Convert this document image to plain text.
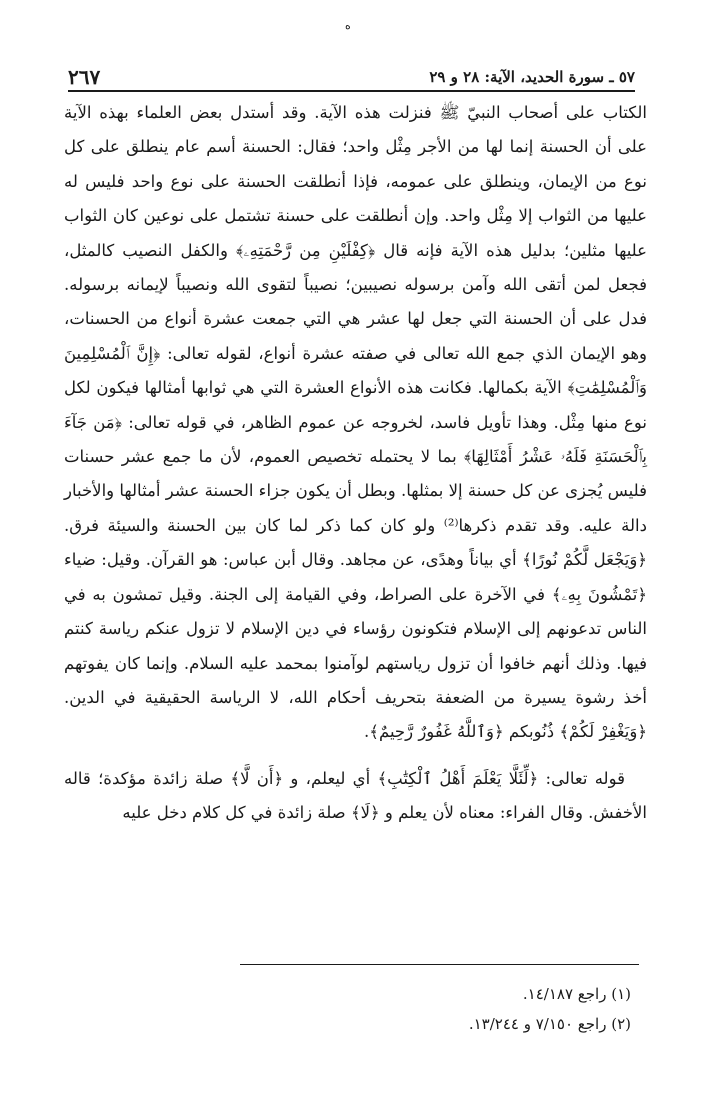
ه
٥٧ ـ سورة الحديد، الآية: ٢٨ و ٢٩
٢٦٧

الكتاب على أصحاب النبيّ ﷺ فنزلت هذه الآية. وقد أستدل بعض العلماء بهذه الآية على أن الحسنة إنما لها من الأجر مِثْل واحد؛ فقال: الحسنة أسم عام ينطلق على كل نوع من الإيمان، وينطلق على عمومه، فإذا أنطلقت الحسنة على نوع واحد فليس له عليها من الثواب إلا مِثْل واحد. وإن أنطلقت على حسنة تشتمل على نوعين كان الثواب عليها مثلين؛ بدليل هذه الآية فإنه قال ﴿كِفْلَيْنِ مِن رَّحْمَتِهِۦ﴾ والكفل النصيب كالمثل، فجعل لمن أتقى الله وآمن برسوله نصيبين؛ نصيباً لتقوى الله ونصيباً لإيمانه برسوله. فدل على أن الحسنة التي جعل لها عشر هي التي جمعت عشرة أنواع من الحسنات، وهو الإيمان الذي جمع الله تعالى في صفته عشرة أنواع، لقوله تعالى: ﴿إِنَّ ٱلْمُسْلِمِينَ وَٱلْمُسْلِمَٰتِ﴾ الآية بكمالها. فكانت هذه الأنواع العشرة التي هي ثوابها أمثالها فيكون لكل نوع منها مِثْل. وهذا تأويل فاسد، لخروجه عن عموم الظاهر، في قوله تعالى: ﴿مَن جَآءَ بِٱلْحَسَنَةِ فَلَهُۥ عَشْرُ أَمْثَالِهَا﴾ بما لا يحتمله تخصيص العموم، لأن ما جمع عشر حسنات فليس يُجزى عن كل حسنة إلا بمثلها. وبطل أن يكون جزاء الحسنة عشر أمثالها والأخبار دالة عليه. وقد تقدم ذكرها⁽²⁾ ولو كان كما ذكر لما كان بين الحسنة والسيئة فرق. ﴿وَيَجْعَل لَّكُمْ نُورًا﴾ أي بياناً وهدًى، عن مجاهد. وقال أبن عباس: هو القرآن. وقيل: ضياء ﴿تَمْشُونَ بِهِۦ﴾ في الآخرة على الصراط، وفي القيامة إلى الجنة. وقيل تمشون به في الناس تدعونهم إلى الإسلام فتكونون رؤساء في دين الإسلام لا تزول عنكم رياسة كنتم فيها. وذلك أنهم خافوا أن تزول رياستهم لوآمنوا بمحمد عليه السلام. وإنما كان يفوتهم أخذ رشوة يسيرة من الضعفة بتحريف أحكام الله، لا الرياسة الحقيقية في الدين. ﴿وَيَغْفِرْ لَكُمْ﴾ ذُنُوبكم ﴿وَٱللَّهُ غَفُورٌ رَّحِيمٌ﴾.

قوله تعالى: ﴿لِّئَلَّا يَعْلَمَ أَهْلُ ٱلْكِتَٰبِ﴾ أي ليعلم، و ﴿أَن لَّا﴾ صلة زائدة مؤكدة؛ قاله الأخفش. وقال الفراء: معناه لأن يعلم و ﴿لَا﴾ صلة زائدة في كل كلام دخل عليه

(١) راجع ١٤/١٨٧.

(٢) راجع ٧/١٥٠ و ١٣/٢٤٤.
